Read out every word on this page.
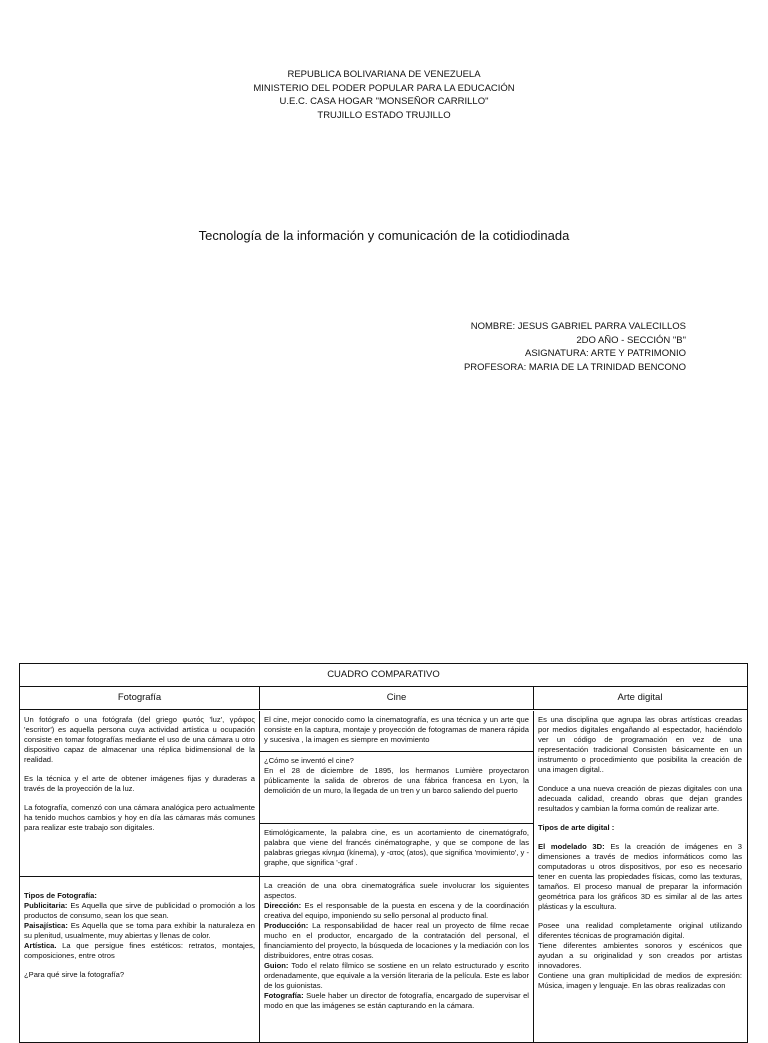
REPUBLICA BOLIVARIANA DE VENEZUELA
MINISTERIO DEL PODER POPULAR PARA LA EDUCACIÓN
U.E.C. CASA HOGAR "MONSEÑOR CARRILLO"
TRUJILLO ESTADO TRUJILLO
Tecnología de la información y comunicación de la cotidiodinada
NOMBRE: JESUS GABRIEL PARRA VALECILLOS
2DO AÑO - SECCIÓN "B"
ASIGNATURA: ARTE Y PATRIMONIO
PROFESORA: MARIA DE LA TRINIDAD BENCONO
CUADRO COMPARATIVO
Fotografía	Cine	Arte digital

Un fotógrafo o una fotógrafa (del griego φωτός 'luz', γράφος 'escritor') es aquella persona cuya actividad artística u ocupación consiste en tomar fotografías mediante el uso de una cámara u otro dispositivo capaz de almacenar una réplica bidimensional de la realidad.

Es la técnica y el arte de obtener imágenes fijas y duraderas a través de la proyección de la luz.

La fotografía, comenzó con una cámara analógica pero actualmente ha tenido muchos cambios y hoy en día las cámaras más comunes para realizar este trabajo son digitales.

Tipos de Fotografía:
Publicitaria: Es Aquella que sirve de publicidad o promoción a los productos de consumo, sean los que sean.
Paisajística: Es Aquella que se toma para exhibir la naturaleza en su plenitud, usualmente, muy abiertas y llenas de color.
Artística. La que persigue fines estéticos: retratos, montajes, composiciones, entre otros
¿Para qué sirve la fotografía?
El cine, mejor conocido como la cinematografía, es una técnica y un arte que consiste en la captura, montaje y proyección de fotogramas de manera rápida y sucesiva , la imagen es siempre en movimiento
¿Cómo se inventó el cine?
En el 28 de diciembre de 1895, los hermanos Lumière proyectaron públicamente la salida de obreros de una fábrica francesa en Lyon, la demolición de un muro, la llegada de un tren y un barco saliendo del puerto
Etimológicamente, la palabra cine, es un acortamiento de cinematógrafo, palabra que viene del francés cinématographe, y que se compone de las palabras griegas κίνημα (kínema), y -ατος (atos), que significa 'movimiento', y -graphe, que significa '-graf .
La creación de una obra cinematográfica suele involucrar los siguientes aspectos.
Dirección: Es el responsable de la puesta en escena y de la coordinación creativa del equipo, imponiendo su sello personal al producto final.
Producción: La responsabilidad de hacer real un proyecto de filme recae mucho en el productor, encargado de la contratación del personal, el financiamiento del proyecto, la búsqueda de locaciones y la mediación con los distribuidores, entre otras cosas.
Guion: Todo el relato fílmico se sostiene en un relato estructurado y escrito ordenadamente, que equivale a la versión literaria de la película. Este es labor de los guionistas.
Fotografía: Suele haber un director de fotografía, encargado de supervisar el modo en que las imágenes se están capturando en la cámara.

Es una disciplina que agrupa las obras artísticas creadas por medios digitales engañando al espectador, haciéndolo ver un código de programación en vez de una representación tradicional Consisten básicamente en un instrumento o procedimiento que posibilita la creación de una imagen digital..

Conduce a una nueva creación de piezas digitales con una adecuada calidad, creando obras que dejan grandes resultados y cambian la forma común de realizar arte.

Tipos de arte digital :

El modelado 3D: Es la creación de imágenes en 3 dimensiones a través de medios informáticos como las computadoras u otros dispositivos, por eso es necesario tener en cuenta las propiedades físicas, como las texturas, tamaños. El proceso manual de preparar la información geométrica para los gráficos 3D es similar al de las artes plásticas y la escultura.

Posee una realidad completamente original utilizando diferentes técnicas de programación digital.
Tiene diferentes ambientes sonoros y escénicos que ayudan a su originalidad y son creados por artistas innovadores.
Contiene una gran multiplicidad de medios de expresión: Música, imagen y lenguaje. En las obras realizadas con
